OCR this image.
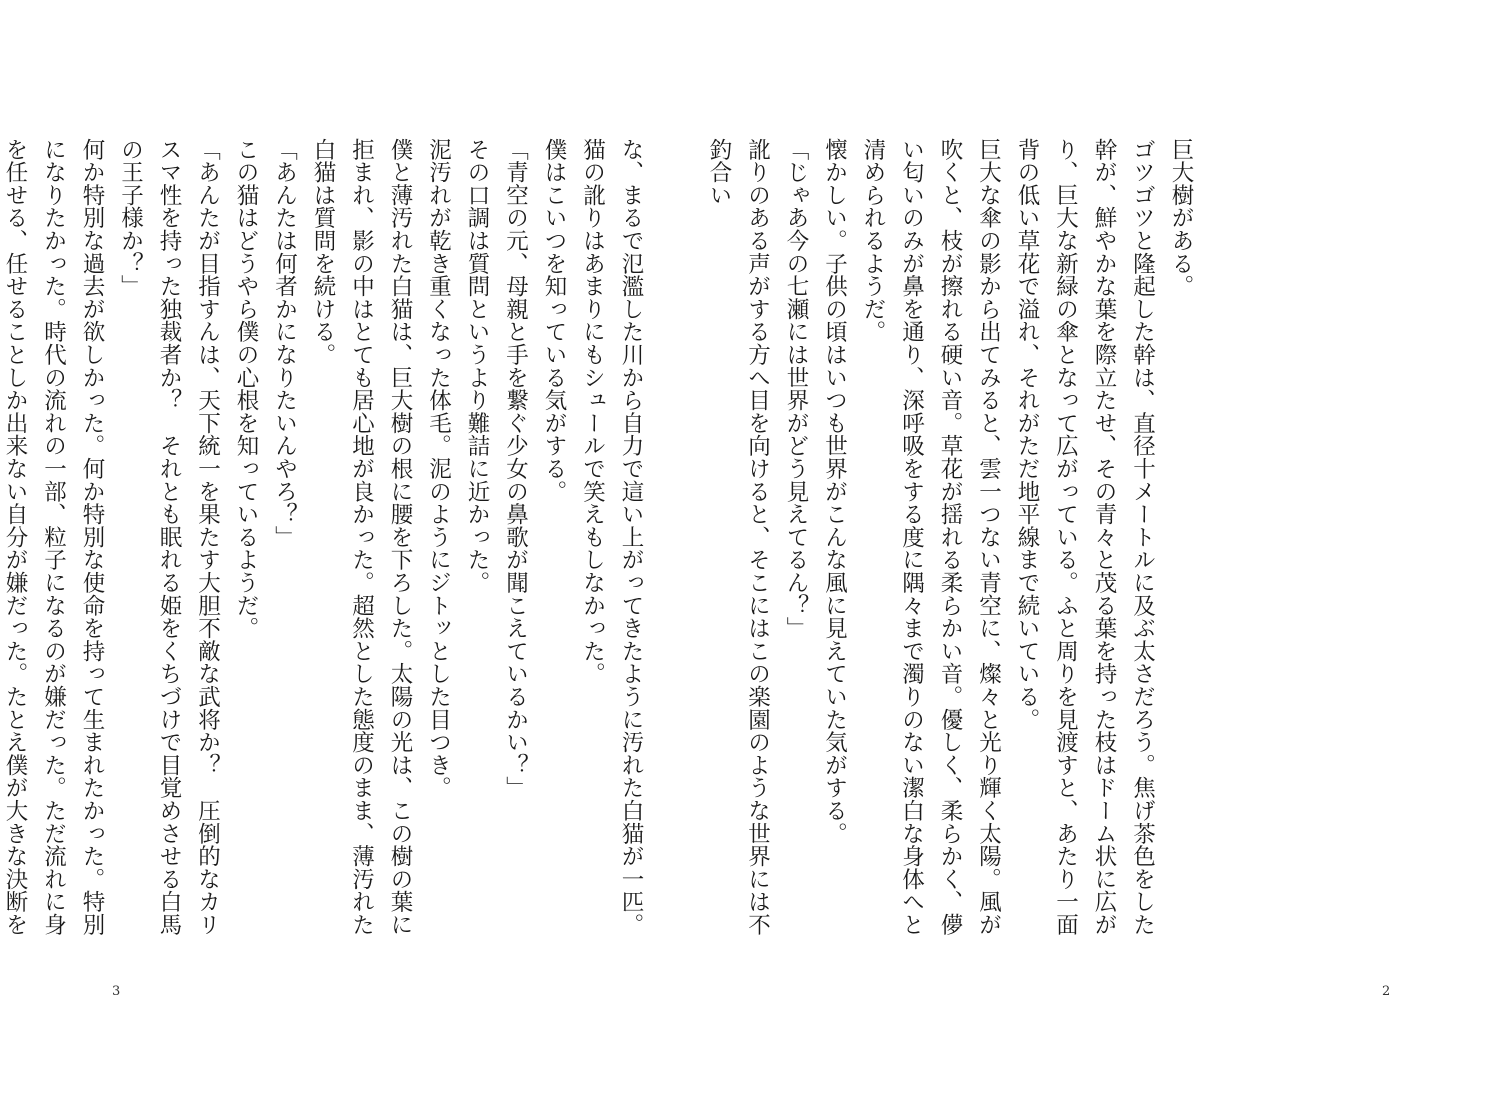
巨大樹がある。

ゴツゴツと隆起した幹は、直径十メートルに及ぶ太さだろう。焦げ茶色をした幹が、鮮やかな葉を際立たせ、その青々と茂る葉を持った枝はドーム状に広がり、巨大な新緑の傘となって広がっている。ふと周りを見渡すと、あたり一面背の低い草花で溢れ、それがただ地平線まで続いている。

巨大な傘の影から出てみると、雲一つない青空に、燦々と光り輝く太陽。風が吹くと、枝が擦れる硬い音。草花が揺れる柔らかい音。優しく、柔らかく、儚い匂いのみが鼻を通り、深呼吸をする度に隅々まで濁りのない潔白な身体へと清められるようだ。

懐かしい。子供の頃はいつも世界がこんな風に見えていた気がする。

「じゃあ今の七瀬には世界がどう見えてるん？」

訛りのある声がする方へ目を向けると、そこにはこの楽園のような世界には不釣合い

2

な、まるで氾濫した川から自力で這い上がってきたように汚れた白猫が一匹。猫の訛りはあまりにもシュールで笑えもしなかった。

僕はこいつを知っている気がする。

「青空の元、母親と手を繋ぐ少女の鼻歌が聞こえているかい？」

その口調は質問というより難詰に近かった。

泥汚れが乾き重くなった体毛。泥のようにジトッとした目つき。

僕と薄汚れた白猫は、巨大樹の根に腰を下ろした。太陽の光は、この樹の葉に拒まれ、影の中はとても居心地が良かった。超然とした態度のまま、薄汚れた白猫は質問を続ける。

「あんたは何者かになりたいんやろ？」

この猫はどうやら僕の心根を知っているようだ。

「あんたが目指すんは、天下統一を果たす大胆不敵な武将か？　圧倒的なカリスマ性を持った独裁者か？　それとも眠れる姫をくちづけで目覚めさせる白馬の王子様か？」

何か特別な過去が欲しかった。何か特別な使命を持って生まれたかった。特別になりたかった。時代の流れの一部、粒子になるのが嫌だった。ただ流れに身を任せる、任せることしか出来ない自分が嫌だった。たとえ僕が大きな決断を

3
